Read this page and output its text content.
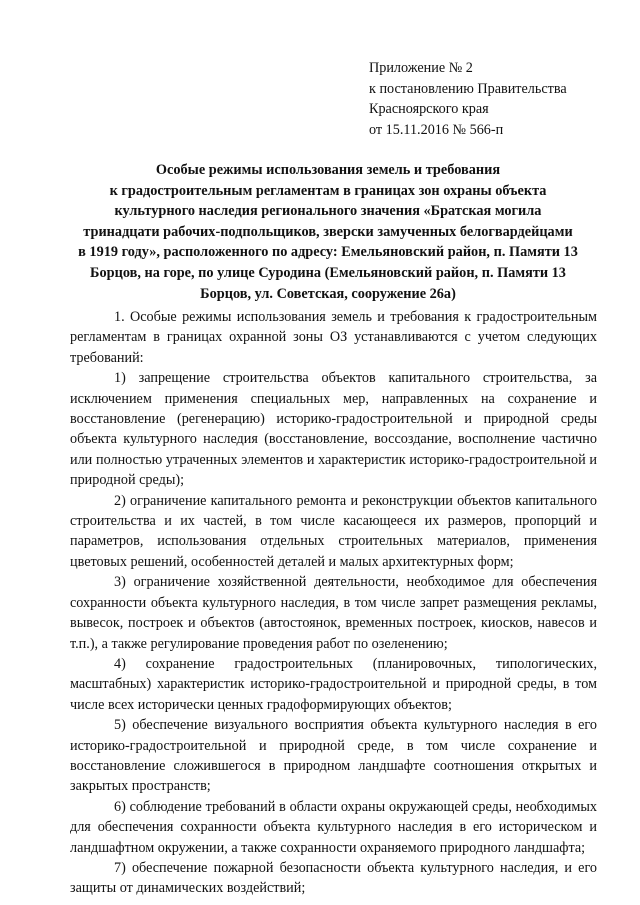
Приложение № 2
к постановлению Правительства
Красноярского края
от 15.11.2016 № 566-п
Особые режимы использования земель и требования
к градостроительным регламентам в границах зон охраны объекта
культурного наследия регионального значения «Братская могила
тринадцати рабочих-подпольщиков, зверски замученных белогвардейцами
в 1919 году», расположенного по адресу: Емельяновский район, п. Памяти 13
Борцов, на горе, по улице Суродина (Емельяновский район, п. Памяти 13
Борцов, ул. Советская, сооружение 26а)

1. Особые режимы использования земель и требования к градостроительным регламентам в границах охранной зоны ОЗ устанавливаются с учетом следующих требований:

1) запрещение строительства объектов капитального строительства, за исключением применения специальных мер, направленных на сохранение и восстановление (регенерацию) историко-градостроительной и природной среды объекта культурного наследия (восстановление, воссоздание, восполнение частично или полностью утраченных элементов и характеристик историко-градостроительной и природной среды);

2) ограничение капитального ремонта и реконструкции объектов капитального строительства и их частей, в том числе касающееся их размеров, пропорций и параметров, использования отдельных строительных материалов, применения цветовых решений, особенностей деталей и малых архитектурных форм;

3) ограничение хозяйственной деятельности, необходимое для обеспечения сохранности объекта культурного наследия, в том числе запрет размещения рекламы, вывесок, построек и объектов (автостоянок, временных построек, киосков, навесов и т.п.), а также регулирование проведения работ по озеленению;

4) сохранение градостроительных (планировочных, типологических, масштабных) характеристик историко-градостроительной и природной среды, в том числе всех исторически ценных градоформирующих объектов;

5) обеспечение визуального восприятия объекта культурного наследия в его историко-градостроительной и природной среде, в том числе сохранение и восстановление сложившегося в природном ландшафте соотношения открытых и закрытых пространств;

6) соблюдение требований в области охраны окружающей среды, необходимых для обеспечения сохранности объекта культурного наследия в его историческом и ландшафтном окружении, а также сохранности охраняемого природного ландшафта;

7) обеспечение пожарной безопасности объекта культурного наследия, и его защиты от динамических воздействий;
